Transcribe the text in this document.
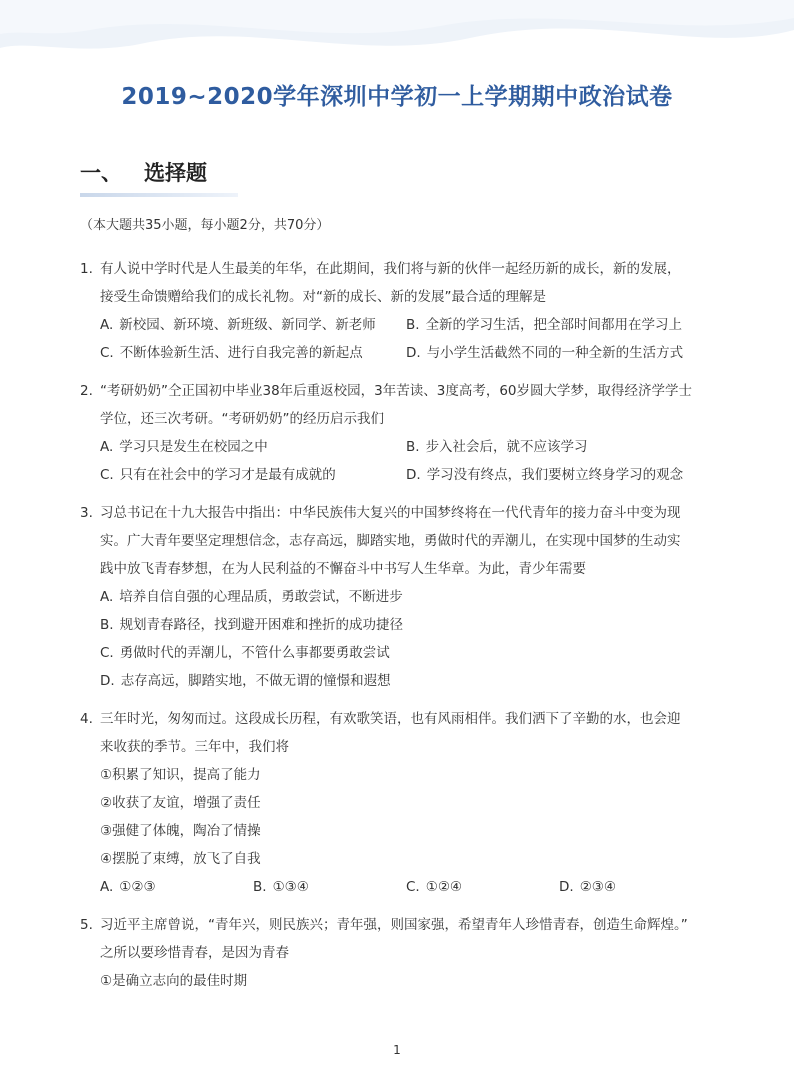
2019~2020学年深圳中学初一上学期期中政治试卷
一、 选择题
（本大题共35小题，每小题2分，共70分）
1. 有人说中学时代是人生最美的年华，在此期间，我们将与新的伙伴一起经历新的成长，新的发展，
接受生命馈赠给我们的成长礼物。对“新的成长、新的发展”最合适的理解是
A. 新校园、新环境、新班级、新同学、新老师	B. 全新的学习生活，把全部时间都用在学习上
C. 不断体验新生活、进行自我完善的新起点	D. 与小学生活截然不同的一种全新的生活方式
2. “考研奶奶”仝正国初中毕业38年后重返校园，3年苦读、3度高考，60岁圆大学梦，取得经济学学士
学位，还三次考研。“考研奶奶”的经历启示我们
A. 学习只是发生在校园之中	B. 步入社会后，就不应该学习
C. 只有在社会中的学习才是最有成就的	D. 学习没有终点，我们要树立终身学习的观念
3. 习总书记在十九大报告中指出：中华民族伟大复兴的中国梦终将在一代代青年的接力奋斗中变为现
实。广大青年要坚定理想信念，志存高远，脚踏实地，勇做时代的弄潮儿，在实现中国梦的生动实
践中放飞青春梦想，在为人民利益的不懈奋斗中书写人生华章。为此，青少年需要
A. 培养自信自强的心理品质，勇敢尝试，不断进步
B. 规划青春路径，找到避开困难和挫折的成功捷径
C. 勇做时代的弄潮儿，不管什么事都要勇敢尝试
D. 志存高远，脚踏实地，不做无谓的憧憬和遐想
4. 三年时光，匆匆而过。这段成长历程，有欢歌笑语，也有风雨相伴。我们洒下了辛勤的水，也会迎
来收获的季节。三年中，我们将
①积累了知识，提高了能力
②收获了友谊，增强了责任
③强健了体魄，陶冶了情操
④摆脱了束缚，放飞了自我
A. ①②③	B. ①③④	C. ①②④	D. ②③④
5. 习近平主席曾说，“青年兴，则民族兴；青年强，则国家强，希望青年人珍惜青春，创造生命辉煌。”
之所以要珍惜青春，是因为青春
①是确立志向的最佳时期
1
